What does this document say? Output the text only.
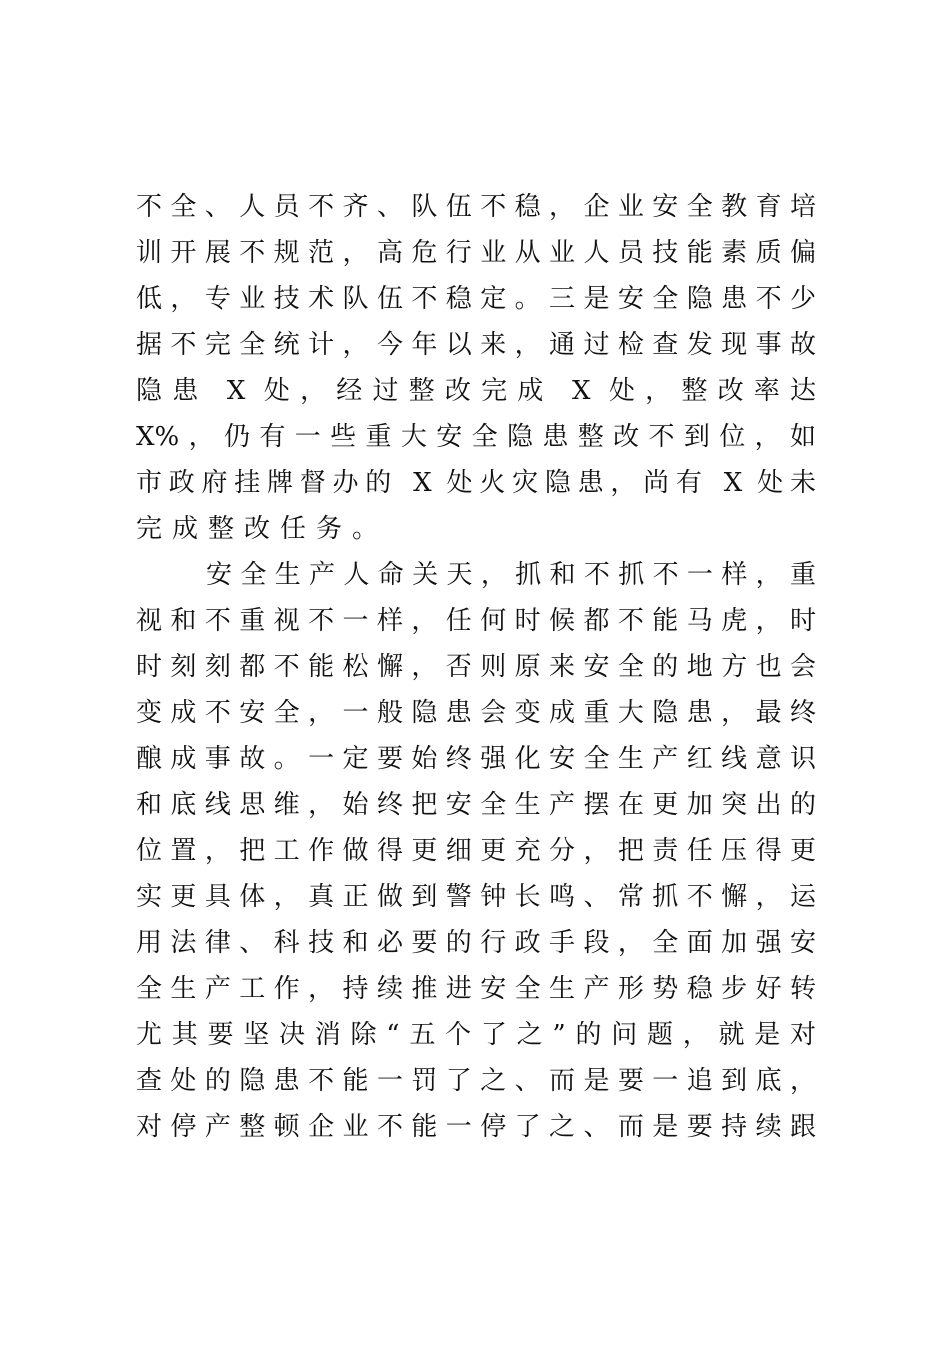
不全、人员不齐、队伍不稳，企业安全教育培
训开展不规范，高危行业从业人员技能素质偏
低，专业技术队伍不稳定。三是安全隐患不少
据不完全统计，今年以来，通过检查发现事故
隐患 X 处，经过整改完成 X 处，整改率达
X%，仍有一些重大安全隐患整改不到位，如
市政府挂牌督办的 X 处火灾隐患，尚有 X 处未
完成整改任务。
安全生产人命关天，抓和不抓不一样，重
视和不重视不一样，任何时候都不能马虎，时
时刻刻都不能松懈，否则原来安全的地方也会
变成不安全，一般隐患会变成重大隐患，最终
酿成事故。一定要始终强化安全生产红线意识
和底线思维，始终把安全生产摆在更加突出的
位置，把工作做得更细更充分，把责任压得更
实更具体，真正做到警钟长鸣、常抓不懈，运
用法律、科技和必要的行政手段，全面加强安
全生产工作，持续推进安全生产形势稳步好转
尤其要坚决消除“五个了之”的问题，就是对
查处的隐患不能一罚了之、而是要一追到底，
对停产整顿企业不能一停了之、而是要持续跟
